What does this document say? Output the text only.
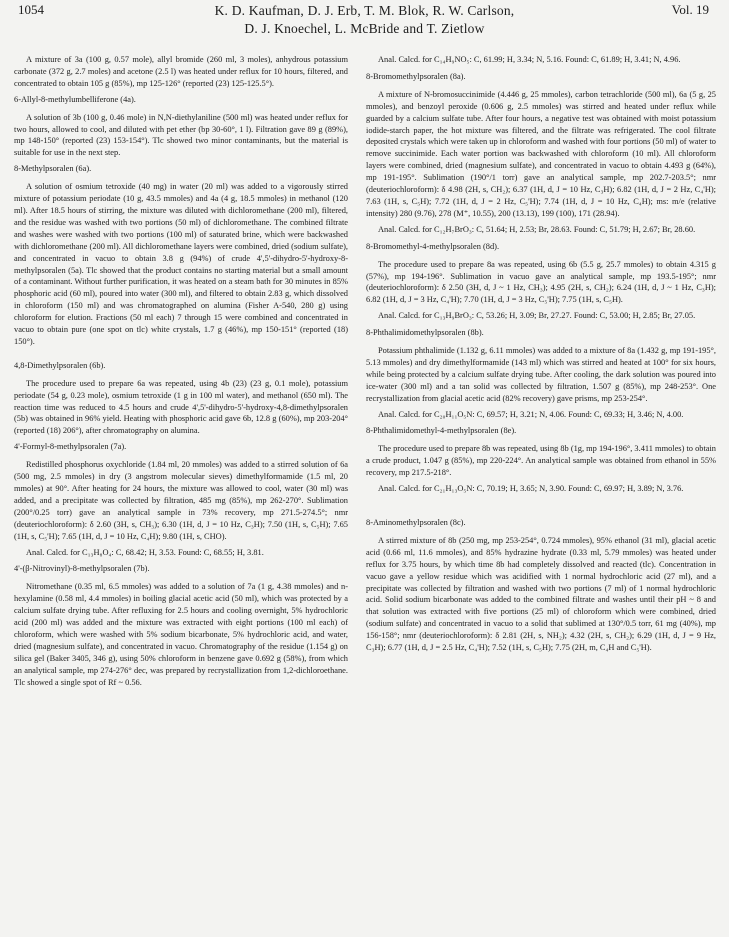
1054	K. D. Kaufman, D. J. Erb, T. M. Blok, R. W. Carlson,
D. J. Knoechel, L. McBride and T. Zietlow
Vol. 19

A mixture of 3a (100 g, 0.57 mole), allyl bromide (260 ml, 3 moles), anhydrous potassium carbonate (372 g, 2.7 moles) and acetone (2.5 l) was heated under reflux for 10 hours, filtered, and concentrated to obtain 105 g (85%), mp 125-126° (reported (23) 125-125.5°).

6-Allyl-8-methylumbelliferone (4a).

A solution of 3b (100 g, 0.46 mole) in N,N-diethylaniline (500 ml) was heated under reflux for two hours, allowed to cool, and diluted with pet ether (bp 30-60°, 1 l). Filtration gave 89 g (89%), mp 148-150° (reported (23) 153-154°). Tlc showed two minor contaminants, but the material is suitable for use in the next step.

8-Methylpsoralen (6a).

A solution of osmium tetroxide (40 mg) in water (20 ml) was added to a vigorously stirred mixture of potassium periodate (10 g, 43.5 mmoles) and 4a (4 g, 18.5 mmoles) in methanol (120 ml). After 18.5 hours of stirring, the mixture was diluted with dichloromethane (200 ml), filtered, and the residue was washed with two portions (50 ml) of dichloromethane. The combined filtrate and washes were washed with two portions (100 ml) of saturated brine, which were backwashed with dichloromethane (200 ml). All dichloromethane layers were combined, dried (sodium sulfate), and concentrated in vacuo to obtain 3.8 g (94%) of crude 4',5'-dihydro-5'-hydroxy-8-methylpsoralen (5a). Tlc showed that the product contains no starting material but a small amount of a contaminant. Without further purification, it was heated on a steam bath for 30 minutes in 85% phosphoric acid (60 ml), poured into water (300 ml), and filtered to obtain 2.83 g, which dissolved in chloroform (150 ml) and was chromatographed on alumina (Fisher A-540, 280 g) using chloroform for elution. Fractions (50 ml each) 7 through 15 were combined and concentrated in vacuo to obtain pure (one spot on tlc) white crystals, 1.7 g (46%), mp 150-151° (reported (18) 150°).

4,8-Dimethylpsoralen (6b).

The procedure used to prepare 6a was repeated, using 4b (23) (23 g, 0.1 mole), potassium periodate (54 g, 0.23 mole), osmium tetroxide (1 g in 100 ml water), and methanol (650 ml). The reaction time was reduced to 4.5 hours and crude 4',5'-dihydro-5'-hydroxy-4,8-dimethylpsoralen (5b) was obtained in 96% yield. Heating with phosphoric acid gave 6b, 12.8 g (60%), mp 203-204° (reported (18) 206°), after chromatography on alumina.

4'-Formyl-8-methylpsoralen (7a).

Redistilled phosphorus oxychloride (1.84 ml, 20 mmoles) was added to a stirred solution of 6a (500 mg, 2.5 mmoles) in dry (3 angstrom molecular sieves) dimethylformamide (1.5 ml, 20 mmoles) at 90°. After heating for 24 hours, the mixture was allowed to cool, water (30 ml) was added, and a precipitate was collected by filtration, 485 mg (85%), mp 262-270°. Sublimation (200°/0.25 torr) gave an analytical sample in 73% recovery, mp 271.5-274.5°; nmr (deuteriochloroform): δ 2.60 (3H, s, CH₃); 6.30 (1H, d, J = 10 Hz, C₃H); 7.50 (1H, s, C₅H); 7.65 (1H, s, C₅'H); 7.65 (1H, d, J = 10 Hz, C₄H); 9.80 (1H, s, CHO).

Anal. Calcd. for C₁₃H₈O₄: C, 68.42; H, 3.53. Found: C, 68.55; H, 3.81.

4'-(β-Nitrovinyl)-8-methylpsoralen (7b).

Nitromethane (0.35 ml, 6.5 mmoles) was added to a solution of 7a (1 g, 4.38 mmoles) and n-hexylamine (0.58 ml, 4.4 mmoles) in boiling glacial acetic acid (50 ml), which was protected by a calcium sulfate drying tube. After refluxing for 2.5 hours and cooling overnight, 5% hydrochloric acid (200 ml) was added and the mixture was extracted with eight portions (100 ml each) of chloroform, which were washed with 5% sodium bicarbonate, 5% hydrochloric acid, and water, dried (magnesium sulfate), and concentrated in vacuo. Chromatography of the residue (1.154 g) on silica gel (Baker 3405, 346 g), using 50% chloroform in benzene gave 0.692 g (58%), from which an analytical sample, mp 274-276° dec, was prepared by recrystallization from 1,2-dichloroethane. Tlc showed a single spot of Rf ~ 0.56.

Anal. Calcd. for C₁₄H₉NO₅: C, 61.99; H, 3.34; N, 5.16. Found: C, 61.89; H, 3.41; N, 4.96.

8-Bromomethylpsoralen (8a).

A mixture of N-bromosuccinimide (4.446 g, 25 mmoles), carbon tetrachloride (500 ml), 6a (5 g, 25 mmoles), and benzoyl peroxide (0.606 g, 2.5 mmoles) was stirred and heated under reflux while guarded by a calcium sulfate tube. After four hours, a negative test was obtained with moist potassium iodide-starch paper, the hot mixture was filtered, and the filtrate was refrigerated. The cool filtrate deposited crystals which were taken up in chloroform and washed with four portions (50 ml) of water to remove succinimide. Each water portion was backwashed with chloroform (10 ml). All chloroform layers were combined, dried (magnesium sulfate), and concentrated in vacuo to obtain 4.493 g (64%), mp 191-195°. Sublimation (190°/1 torr) gave an analytical sample, mp 202.7-203.5°; nmr (deuteriochloroform): δ 4.98 (2H, s, CH₂); 6.37 (1H, d, J = 10 Hz, C₃H); 6.82 (1H, d, J = 2 Hz, C₄'H); 7.63 (1H, s, C₅H); 7.72 (1H, d, J = 2 Hz, C₅'H); 7.74 (1H, d, J = 10 Hz, C₄H); ms: m/e (relative intensity) 280 (9.76), 278 (M⁺, 10.55), 200 (13.13), 199 (100), 171 (28.94).

Anal. Calcd. for C₁₂H₇BrO₃: C, 51.64; H, 2.53; Br, 28.63. Found: C, 51.79; H, 2.67; Br, 28.60.

8-Bromomethyl-4-methylpsoralen (8d).

The procedure used to prepare 8a was repeated, using 6b (5.5 g, 25.7 mmoles) to obtain 4.315 g (57%), mp 194-196°. Sublimation in vacuo gave an analytical sample, mp 193.5-195°; nmr (deuteriochloroform): δ 2.50 (3H, d, J ~ 1 Hz, CH₃); 4.95 (2H, s, CH₂); 6.24 (1H, d, J ~ 1 Hz, C₃H); 6.82 (1H, d, J = 3 Hz, C₄'H); 7.70 (1H, d, J = 3 Hz, C₅'H); 7.75 (1H, s, C₅H).

Anal. Calcd. for C₁₃H₉BrO₃: C, 53.26; H, 3.09; Br, 27.27. Found: C, 53.00; H, 2.85; Br, 27.05.

8-Phthalimidomethylpsoralen (8b).

Potassium phthalimide (1.132 g, 6.11 mmoles) was added to a mixture of 8a (1.432 g, mp 191-195°, 5.13 mmoles) and dry dimethylformamide (143 ml) which was stirred and heated at 100° for six hours, while being protected by a calcium sulfate drying tube. After cooling, the dark solution was poured into ice-water (300 ml) and a tan solid was collected by filtration, 1.507 g (85%), mp 248-253°. One recrystallization from glacial acetic acid (82% recovery) gave prisms, mp 253-254°.

Anal. Calcd. for C₂₀H₁₁O₅N: C, 69.57; H, 3.21; N, 4.06. Found: C, 69.33; H, 3.46; N, 4.00.

8-Phthalimidomethyl-4-methylpsoralen (8e).

The procedure used to prepare 8b was repeated, using 8b (1g, mp 194-196°, 3.411 mmoles) to obtain a crude product, 1.047 g (85%), mp 220-224°. An analytical sample was obtained from ethanol in 55% recovery, mp 217.5-218°.

Anal. Calcd. for C₂₁H₁₃O₅N: C, 70.19; H, 3.65; N, 3.90. Found: C, 69.97; H, 3.89; N, 3.76.

8-Aminomethylpsoralen (8c).

A stirred mixture of 8b (250 mg, mp 253-254°, 0.724 mmoles), 95% ethanol (31 ml), glacial acetic acid (0.66 ml, 11.6 mmoles), and 85% hydrazine hydrate (0.33 ml, 5.79 mmoles) was heated under reflux for 3.75 hours, by which time 8b had completely dissolved and reacted (tlc). Concentration in vacuo gave a yellow residue which was acidified with 1 normal hydrochloric acid (27 ml), and a precipitate was collected by filtration and washed with two portions (7 ml) of 1 normal hydrochloric acid. Solid sodium bicarbonate was added to the combined filtrate and washes until their pH ~ 8 and that solution was extracted with five portions (25 ml) of chloroform which were combined, dried (sodium sulfate) and concentrated in vacuo to a solid that sublimed at 130°/0.5 torr, 61 mg (40%), mp 156-158°; nmr (deuteriochloroform): δ 2.81 (2H, s, NH₂); 4.32 (2H, s, CH₂); 6.29 (1H, d, J = 9 Hz, C₃H); 6.77 (1H, d, J = 2.5 Hz, C₄'H); 7.52 (1H, s, C₅H); 7.75 (2H, m, C₄H and C₅'H).
